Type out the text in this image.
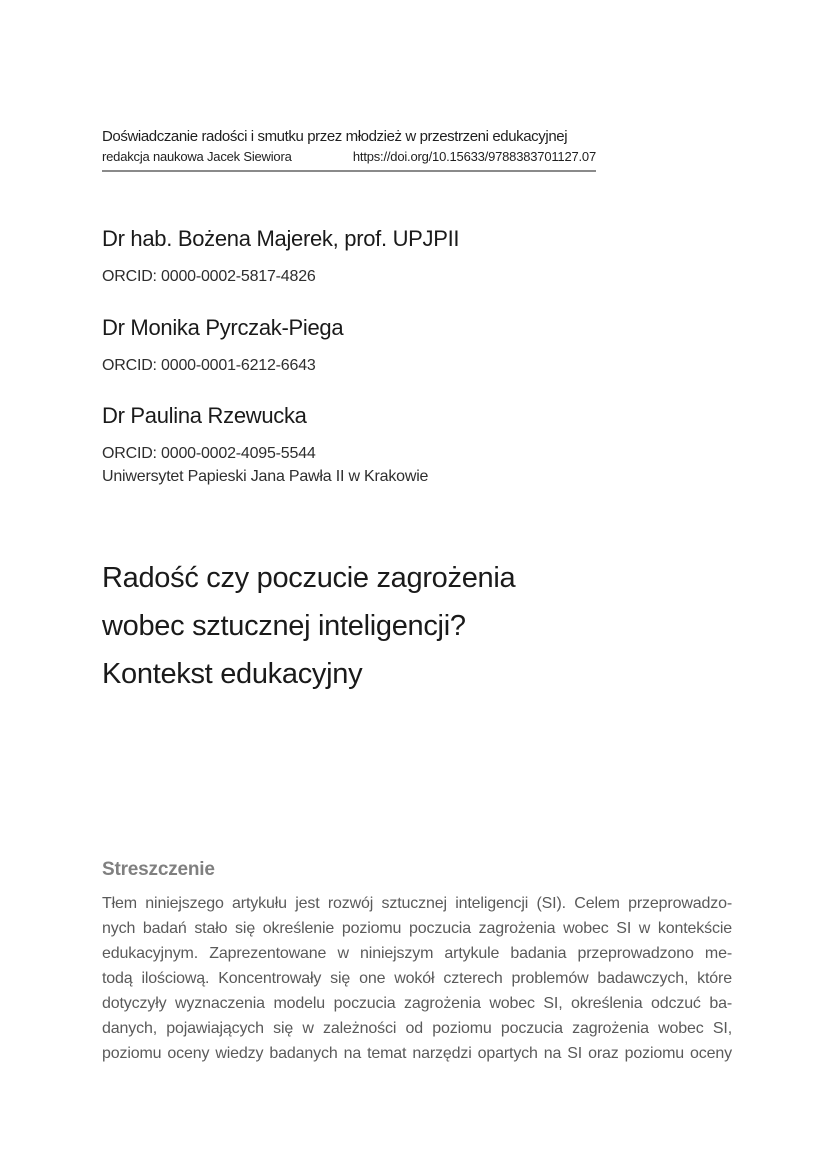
Doświadczanie radości i smutku przez młodzież w przestrzeni edukacyjnej
redakcja naukowa Jacek Siewiora	https://doi.org/10.15633/9788383701127.07
Dr hab. Bożena Majerek, prof. UPJPII
ORCID: 0000-0002-5817-4826
Dr Monika Pyrczak-Piega
ORCID: 0000-0001-6212-6643
Dr Paulina Rzewucka
ORCID: 0000-0002-4095-5544
Uniwersytet Papieski Jana Pawła II w Krakowie
Radość czy poczucie zagrożenia
wobec sztucznej inteligencji?
Kontekst edukacyjny
Streszczenie
Tłem niniejszego artykułu jest rozwój sztucznej inteligencji (SI). Celem przeprowadzo-
nych badań stało się określenie poziomu poczucia zagrożenia wobec SI w kontekście
edukacyjnym. Zaprezentowane w niniejszym artykule badania przeprowadzono me-
todą ilościową. Koncentrowały się one wokół czterech problemów badawczych, które
dotyczyły wyznaczenia modelu poczucia zagrożenia wobec SI, określenia odczuć ba-
danych, pojawiających się w zależności od poziomu poczucia zagrożenia wobec SI,
poziomu oceny wiedzy badanych na temat narzędzi opartych na SI oraz poziomu oceny
